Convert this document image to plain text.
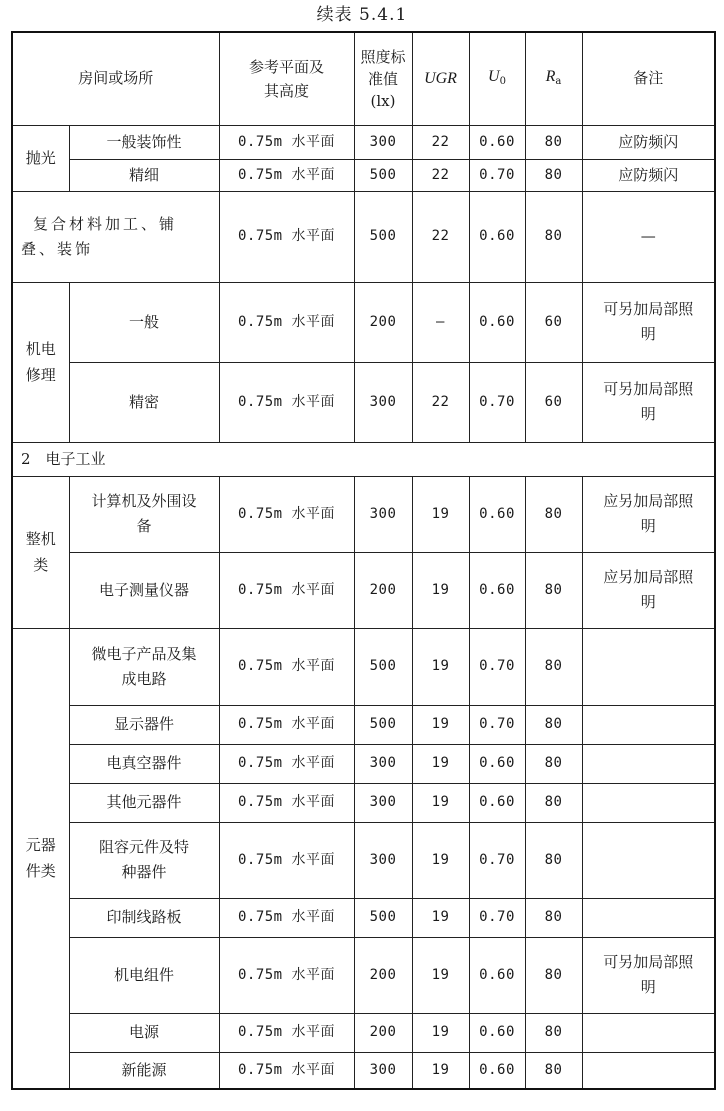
续表 5.4.1
房间或场所		参考平面及其高度	照度标准值(lx)	UGR	$U_0$	$R_a$	备注
抛光	一般装饰性	0.75m 水平面	300	22	0.60	80	应防频闪
	精细	0.75m 水平面	500	22	0.70	80	应防频闪
复合材料加工、铺叠、装饰		0.75m 水平面	500	22	0.60	80	—
机电修理	一般	0.75m 水平面	200	—	0.60	60	可另加局部照明
	精密	0.75m 水平面	300	22	0.70	60	可另加局部照明
2　电子工业							
整机类	计算机及外围设备	0.75m 水平面	300	19	0.60	80	应另加局部照明
	电子测量仪器	0.75m 水平面	200	19	0.60	80	应另加局部照明
元器件类	微电子产品及集成电路	0.75m 水平面	500	19	0.70	80	
	显示器件	0.75m 水平面	500	19	0.70	80	
	电真空器件	0.75m 水平面	300	19	0.60	80	
	其他元器件	0.75m 水平面	300	19	0.60	80	
	阻容元件及特种器件	0.75m 水平面	300	19	0.70	80	
	印制线路板	0.75m 水平面	500	19	0.70	80	
	机电组件	0.75m 水平面	200	19	0.60	80	可另加局部照明
	电源	0.75m 水平面	200	19	0.60	80	
	新能源	0.75m 水平面	300	19	0.60	80	
